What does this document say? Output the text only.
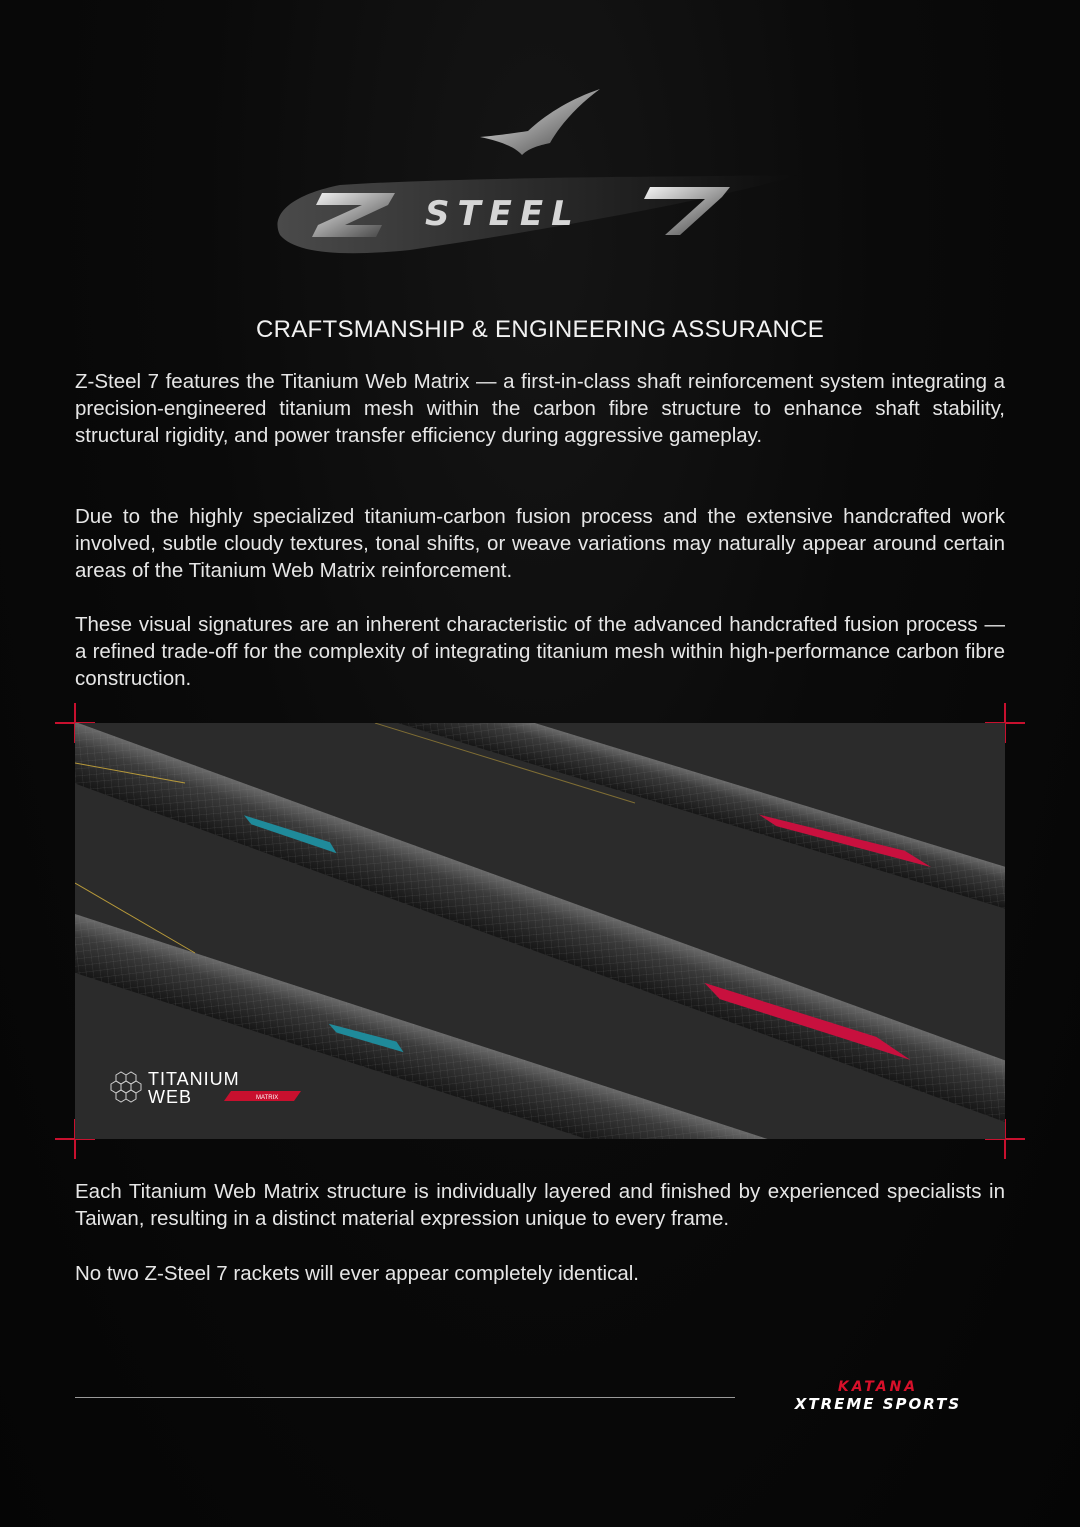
STEEL
CRAFTSMANSHIP & ENGINEERING ASSURANCE

Z-Steel 7 features the Titanium Web Matrix — a first-in-class shaft reinforcement system integrating a precision-engineered titanium mesh within the carbon fibre structure to enhance shaft stability, structural rigidity, and power transfer efficiency during aggressive gameplay.

Due to the highly specialized titanium-carbon fusion process and the extensive handcrafted work involved, subtle cloudy textures, tonal shifts, or weave variations may naturally appear around certain areas of the Titanium Web Matrix reinforcement.

These visual signatures are an inherent characteristic of the advanced handcrafted fusion process — a refined trade-off for the complexity of integrating titanium mesh within high-performance carbon fibre construction.

TITANIUM
WEB	MATRIX

Each Titanium Web Matrix structure is individually layered and finished by experienced specialists in Taiwan, resulting in a distinct material expression unique to every frame.

No two Z-Steel 7 rackets will ever appear completely identical.

KATANA
XTREME SPORTS
